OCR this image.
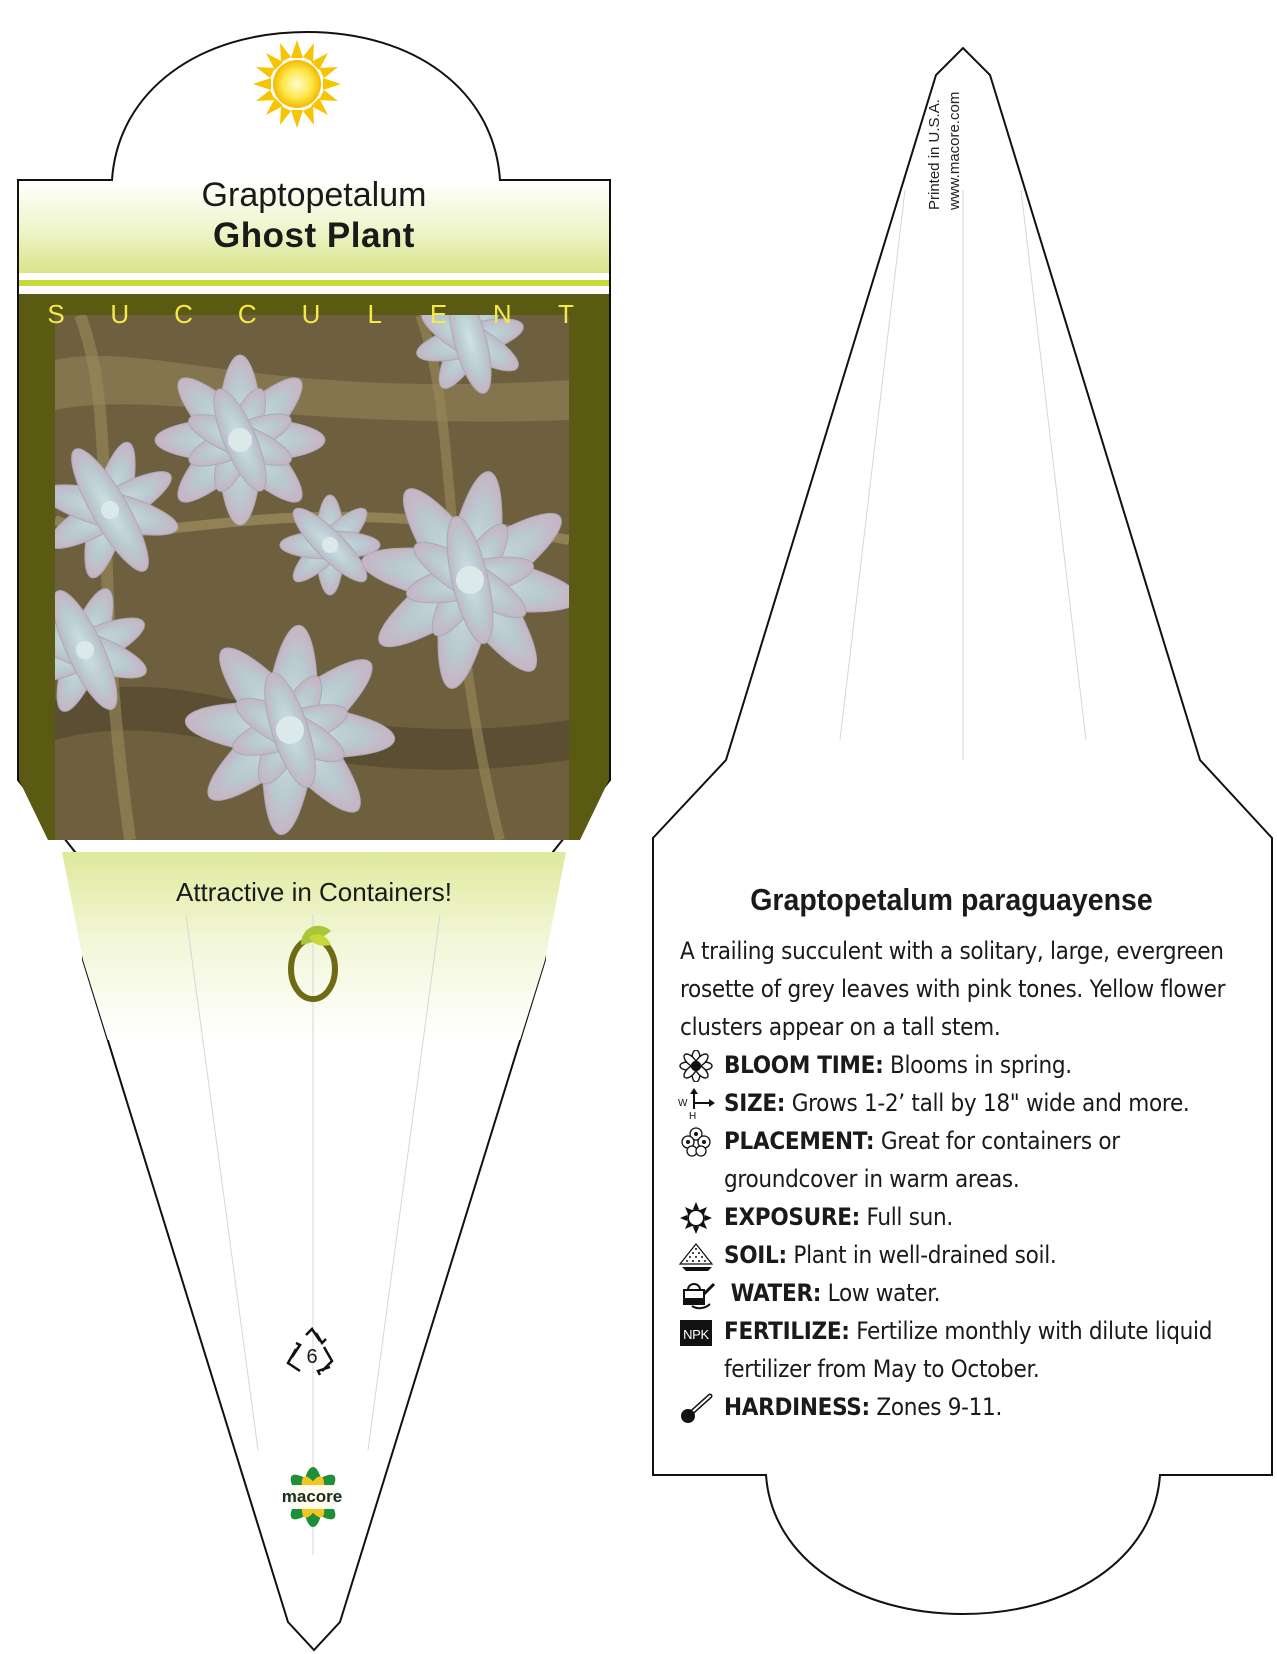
Graptopetalum
Ghost Plant
S U C C U L E N T
Attractive in Containers!
6
macore
Printed in U.S.A. www.macore.com
Graptopetalum paraguayense

A trailing succulent with a solitary, large, evergreen rosette of grey leaves with pink tones. Yellow flower clusters appear on a tall stem.

BLOOM TIME: Blooms in spring.

W
H	SIZE: Grows 1-2’ tall by 18" wide and more.

PLACEMENT: Great for containers or groundcover in warm areas.

EXPOSURE: Full sun.

SOIL: Plant in well-drained soil.

WATER: Low water.

NPK FERTILIZE: Fertilize monthly with dilute liquid fertilizer from May to October.

HARDINESS: Zones 9-11.
